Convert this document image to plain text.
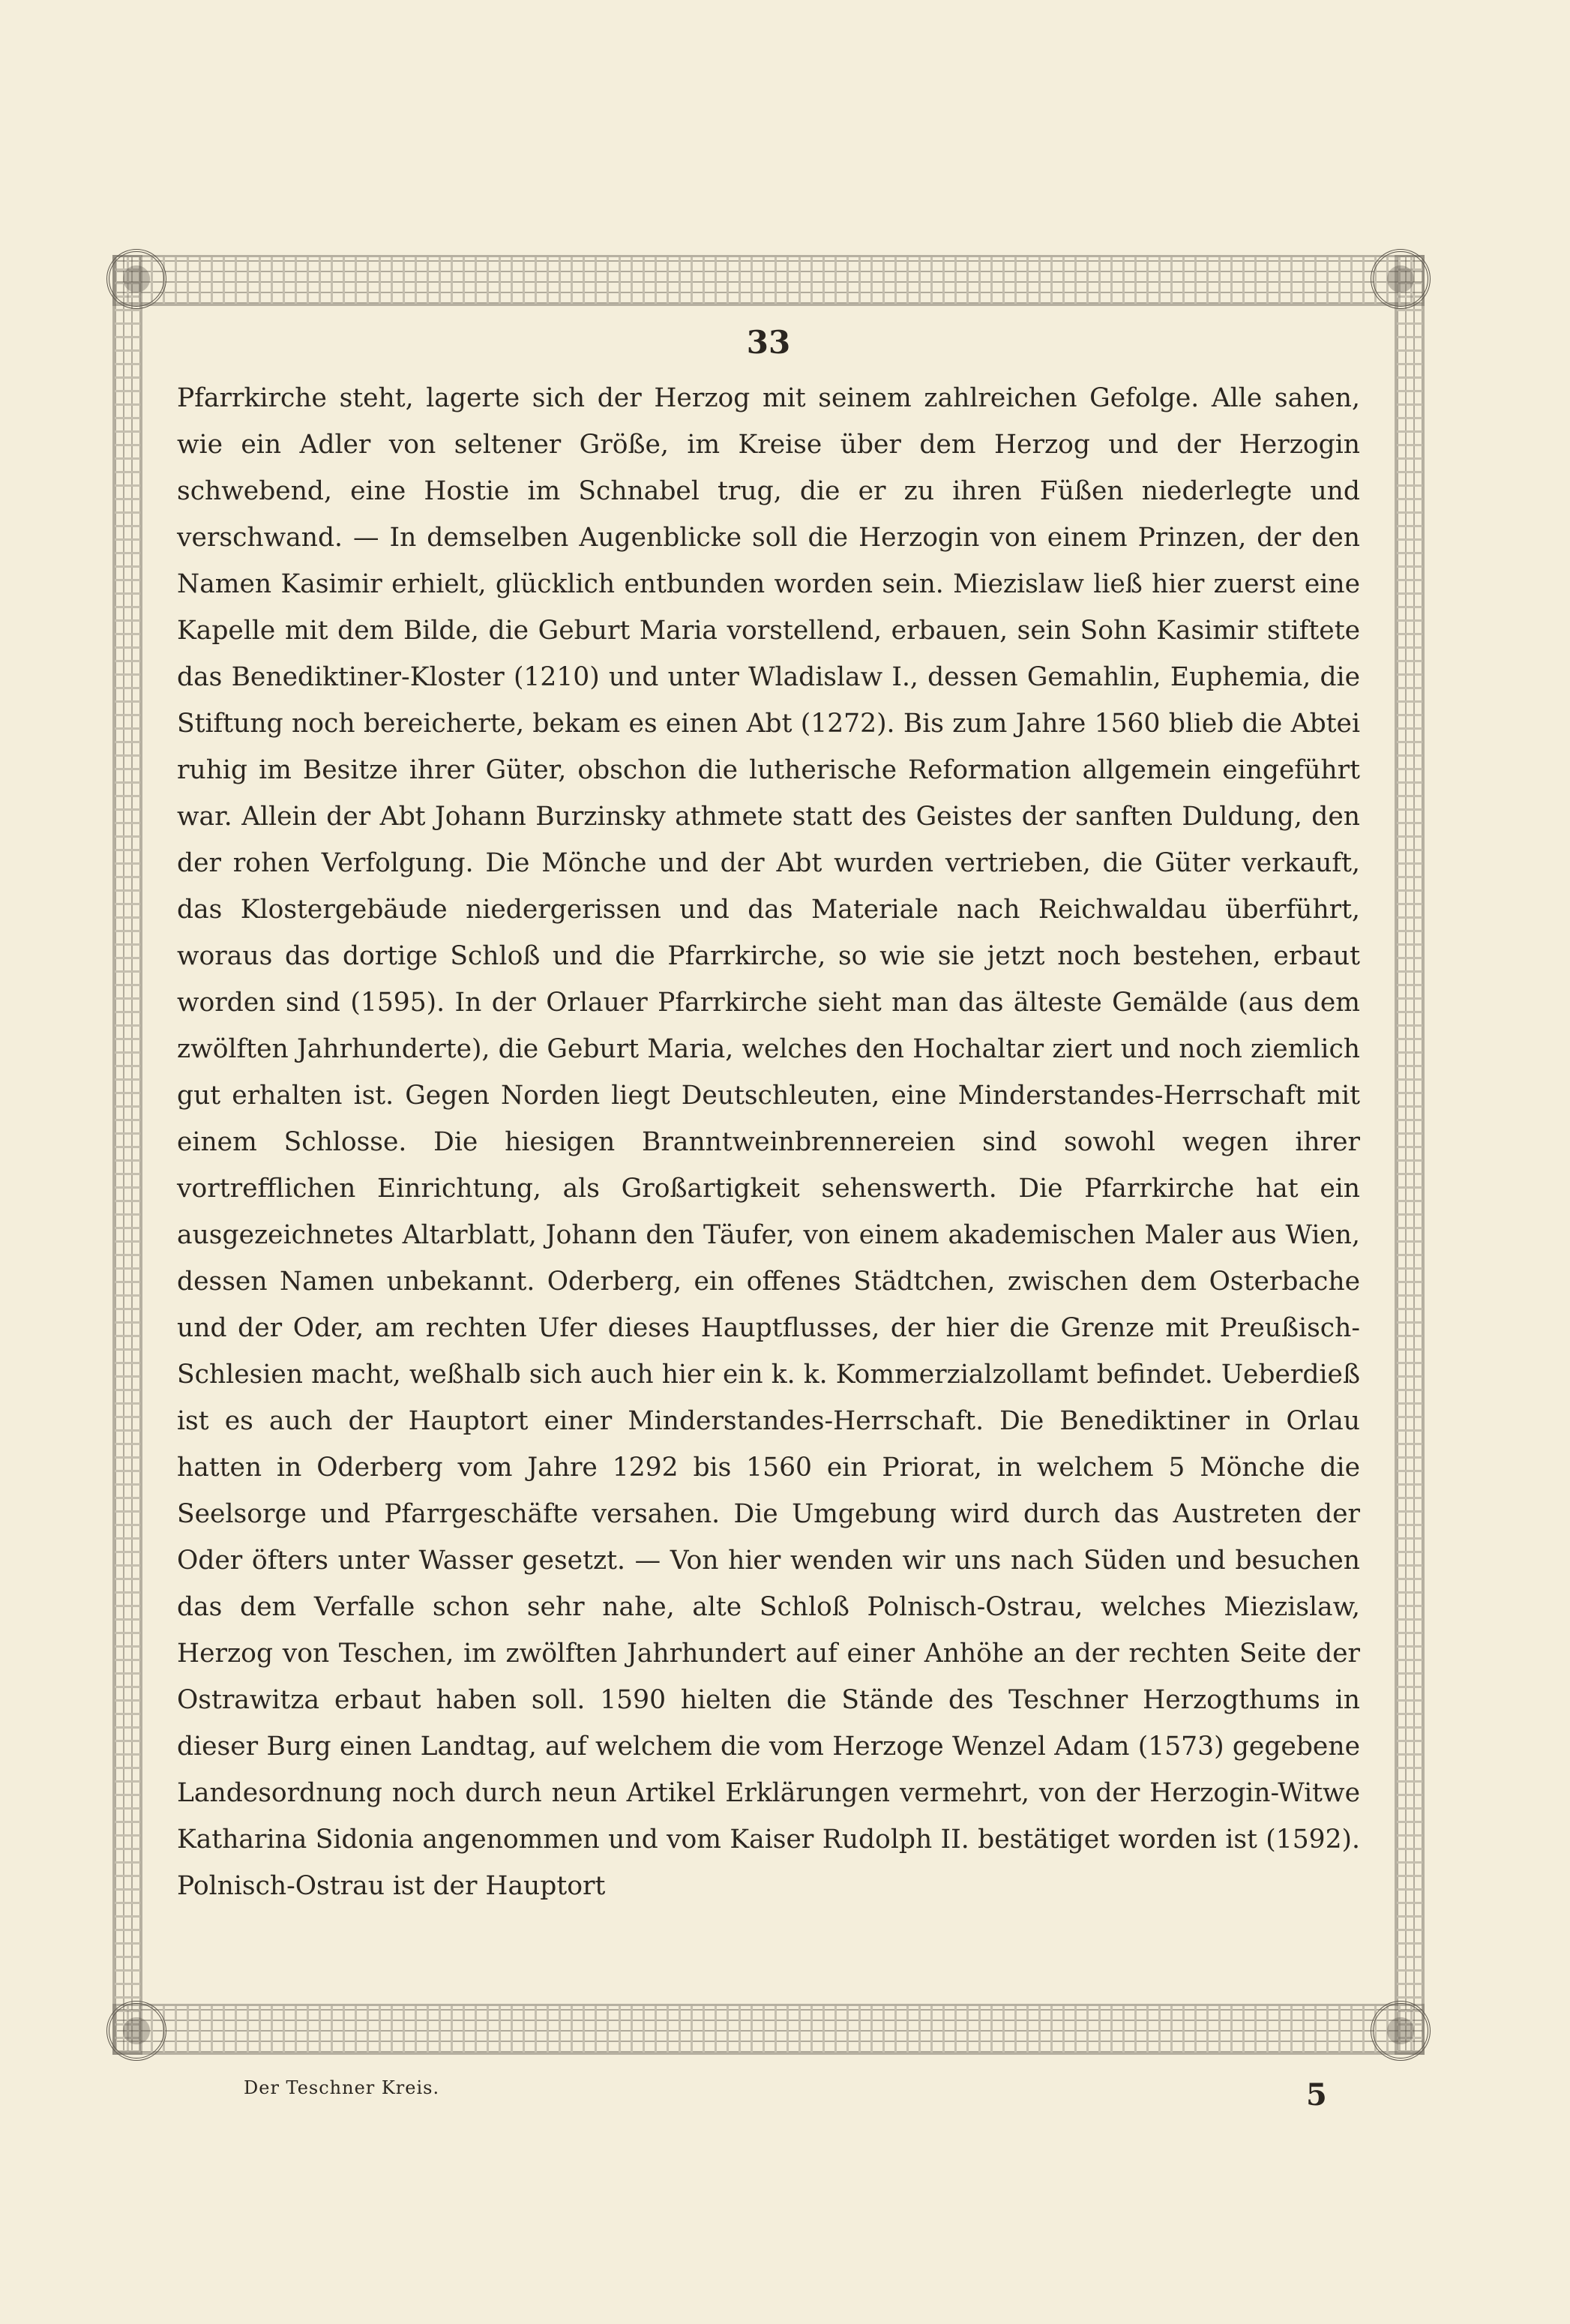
33

Pfarrkirche steht, lagerte sich der Herzog mit seinem zahlreichen Gefolge. Alle sahen, wie ein Adler von seltener Größe, im Kreise über dem Herzog und der Herzogin schwebend, eine Hostie im Schnabel trug, die er zu ihren Füßen niederlegte und verschwand. — In demselben Augenblicke soll die Herzogin von einem Prinzen, der den Namen Kasimir erhielt, glücklich entbunden worden sein. Miezislaw ließ hier zuerst eine Kapelle mit dem Bilde, die Geburt Maria vorstellend, erbauen, sein Sohn Kasimir stiftete das Benediktiner-Kloster (1210) und unter Wladislaw I., dessen Gemahlin, Euphemia, die Stiftung noch bereicherte, bekam es einen Abt (1272). Bis zum Jahre 1560 blieb die Abtei ruhig im Besitze ihrer Güter, obschon die lutherische Reformation allgemein eingeführt war. Allein der Abt Johann Burzinsky athmete statt des Geistes der sanften Duldung, den der rohen Verfolgung. Die Mönche und der Abt wurden vertrieben, die Güter verkauft, das Klostergebäude niedergerissen und das Materiale nach Reichwaldau überführt, woraus das dortige Schloß und die Pfarrkirche, so wie sie jetzt noch bestehen, erbaut worden sind (1595). In der Orlauer Pfarrkirche sieht man das älteste Gemälde (aus dem zwölften Jahrhunderte), die Geburt Maria, welches den Hochaltar ziert und noch ziemlich gut erhalten ist. Gegen Norden liegt Deutschleuten, eine Minderstandes-Herrschaft mit einem Schlosse. Die hiesigen Branntweinbrennereien sind sowohl wegen ihrer vortrefflichen Einrichtung, als Großartigkeit sehenswerth. Die Pfarrkirche hat ein ausgezeichnetes Altarblatt, Johann den Täufer, von einem akademischen Maler aus Wien, dessen Namen unbekannt. Oderberg, ein offenes Städtchen, zwischen dem Osterbache und der Oder, am rechten Ufer dieses Hauptflusses, der hier die Grenze mit Preußisch-Schlesien macht, weßhalb sich auch hier ein k. k. Kommerzialzollamt befindet. Ueberdieß ist es auch der Hauptort einer Minderstandes-Herrschaft. Die Benediktiner in Orlau hatten in Oderberg vom Jahre 1292 bis 1560 ein Priorat, in welchem 5 Mönche die Seelsorge und Pfarrgeschäfte versahen. Die Umgebung wird durch das Austreten der Oder öfters unter Wasser gesetzt. — Von hier wenden wir uns nach Süden und besuchen das dem Verfalle schon sehr nahe, alte Schloß Polnisch-Ostrau, welches Miezislaw, Herzog von Teschen, im zwölften Jahrhundert auf einer Anhöhe an der rechten Seite der Ostrawitza erbaut haben soll. 1590 hielten die Stände des Teschner Herzogthums in dieser Burg einen Landtag, auf welchem die vom Herzoge Wenzel Adam (1573) gegebene Landesordnung noch durch neun Artikel Erklärungen vermehrt, von der Herzogin-Witwe Katharina Sidonia angenommen und vom Kaiser Rudolph II. bestätiget worden ist (1592). Polnisch-Ostrau ist der Hauptort

Der Teschner Kreis.	5
